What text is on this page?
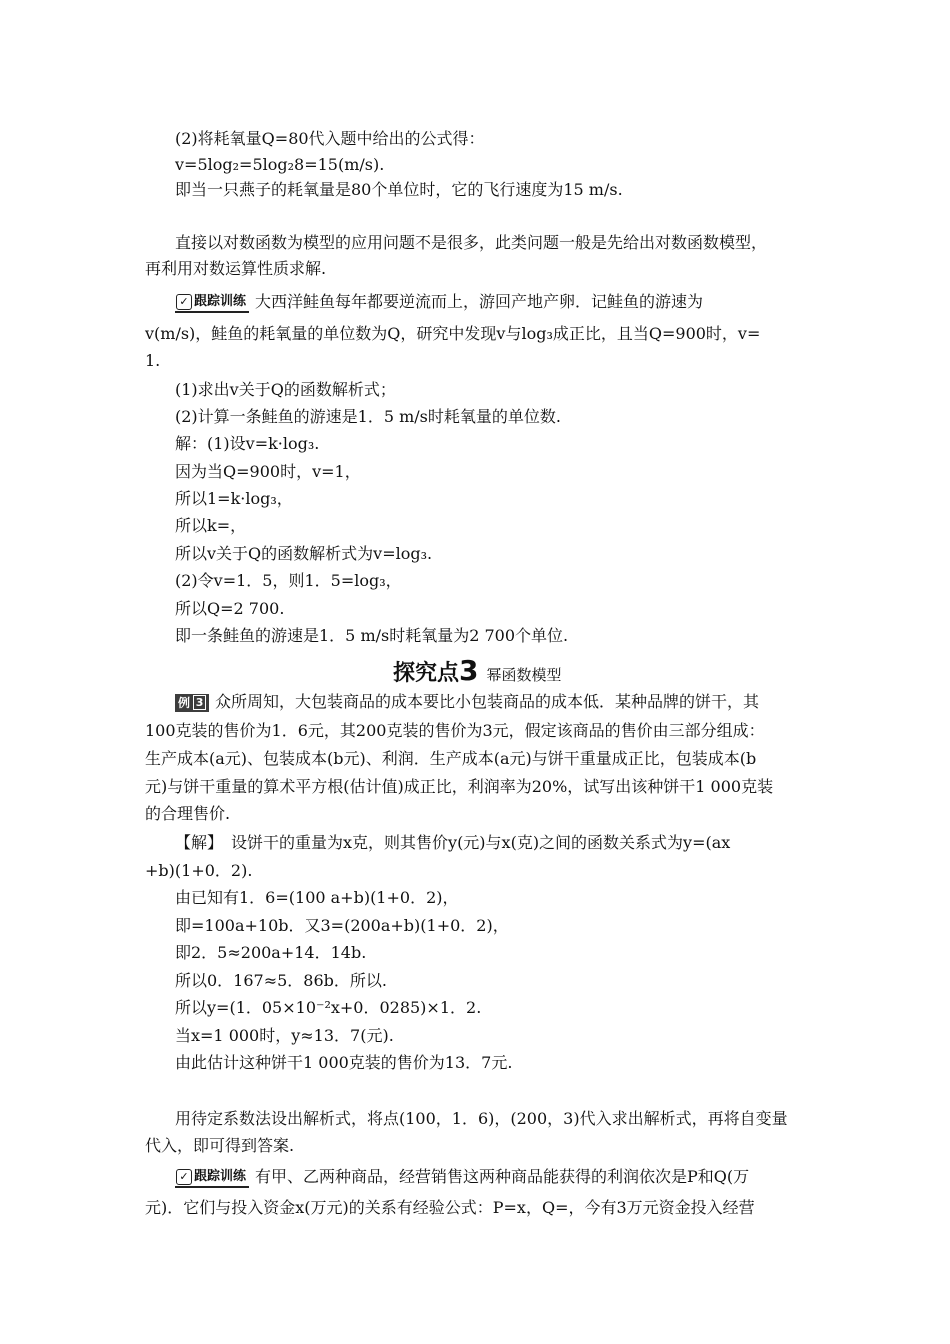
(2)将耗氧量Q=80代入题中给出的公式得：
v=5log₂=5log₂8=15(m/s).
即当一只燕子的耗氧量是80个单位时，它的飞行速度为15 m/s.
直接以对数函数为模型的应用问题不是很多，此类问题一般是先给出对数函数模型，
再利用对数运算性质求解.
✓ 跟踪训练 大西洋鲑鱼每年都要逆流而上，游回产地产卵．记鲑鱼的游速为
v(m/s)，鲑鱼的耗氧量的单位数为Q，研究中发现v与log₃成正比，且当Q=900时，v=
1.
(1)求出v关于Q的函数解析式；
(2)计算一条鲑鱼的游速是1．5 m/s时耗氧量的单位数.
解：(1)设v=k·log₃.
因为当Q=900时，v=1，
所以1=k·log₃，
所以k=，
所以v关于Q的函数解析式为v=log₃.
(2)令v=1．5，则1．5=log₃，
所以Q=2 700.
即一条鲑鱼的游速是1．5 m/s时耗氧量为2 700个单位.
探究点3 幂函数模型
例 3 众所周知，大包装商品的成本要比小包装商品的成本低．某种品牌的饼干，其
100克装的售价为1．6元，其200克装的售价为3元，假定该商品的售价由三部分组成：
生产成本(a元)、包装成本(b元)、利润．生产成本(a元)与饼干重量成正比，包装成本(b
元)与饼干重量的算术平方根(估计值)成正比，利润率为20%，试写出该种饼干1 000克装
的合理售价.
【解】　设饼干的重量为x克，则其售价y(元)与x(克)之间的函数关系式为y=(ax
+b)(1+0．2).
由已知有1．6=(100 a+b)(1+0．2)，
即=100a+10b．又3=(200a+b)(1+0．2)，
即2．5≈200a+14．14b.
所以0．167≈5．86b．所以.
所以y=(1．05×10⁻²x+0．0285)×1．2.
当x=1 000时，y≈13．7(元).
由此估计这种饼干1 000克装的售价为13．7元.
用待定系数法设出解析式，将点(100，1．6)，(200，3)代入求出解析式，再将自变量
代入，即可得到答案.
✓ 跟踪训练 有甲、乙两种商品，经营销售这两种商品能获得的利润依次是P和Q(万
元)．它们与投入资金x(万元)的关系有经验公式：P=x，Q=，今有3万元资金投入经营
